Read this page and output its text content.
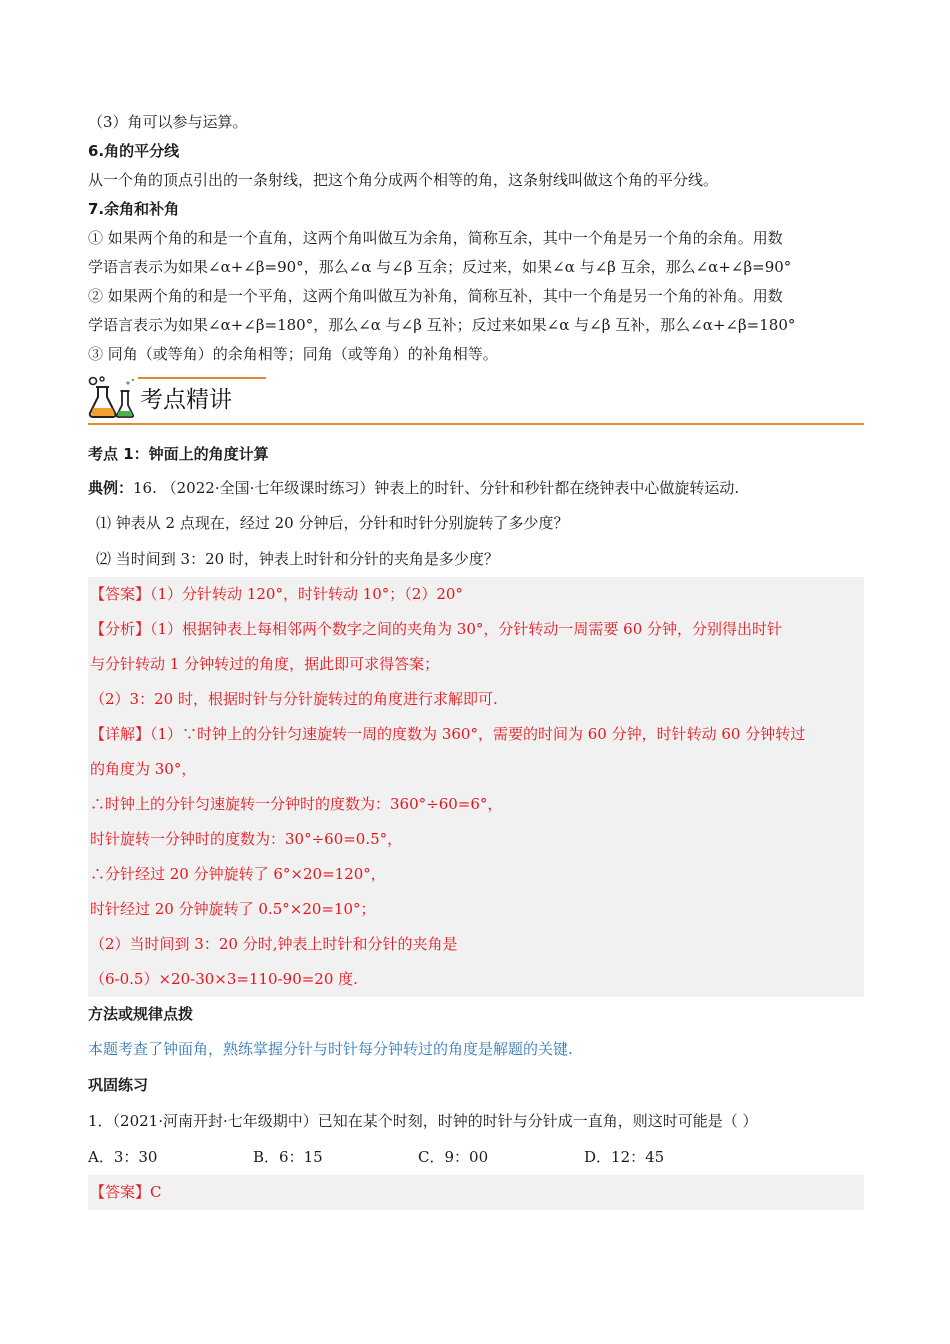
（3）角可以参与运算。
6.角的平分线
从一个角的顶点引出的一条射线，把这个角分成两个相等的角，这条射线叫做这个角的平分线。
7.余角和补角
① 如果两个角的和是一个直角，这两个角叫做互为余角，简称互余，其中一个角是另一个角的余角。用数
学语言表示为如果∠α+∠β=90°，那么∠α 与∠β 互余；反过来，如果∠α 与∠β 互余，那么∠α+∠β=90°
② 如果两个角的和是一个平角，这两个角叫做互为补角，简称互补，其中一个角是另一个角的补角。用数
学语言表示为如果∠α+∠β=180°，那么∠α 与∠β 互补；反过来如果∠α 与∠β 互补，那么∠α+∠β=180°
③ 同角（或等角）的余角相等；同角（或等角）的补角相等。
考点精讲
考点 1：钟面上的角度计算
典例：16. （2022·全国·七年级课时练习）钟表上的时针、分针和秒针都在绕钟表中心做旋转运动.
⑴ 钟表从 2 点现在，经过 20 分钟后，分针和时针分别旋转了多少度？
⑵ 当时间到 3：20 时，钟表上时针和分针的夹角是多少度？
【答案】（1）分针转动 120°，时针转动 10°；（2）20°
【分析】（1）根据钟表上每相邻两个数字之间的夹角为 30°，分针转动一周需要 60 分钟，分别得出时针
与分针转动 1 分钟转过的角度，据此即可求得答案；
（2）3：20 时，根据时针与分针旋转过的角度进行求解即可.
【详解】（1）∵时钟上的分针匀速旋转一周的度数为 360°，需要的时间为 60 分钟，时针转动 60 分钟转过
的角度为 30°，
∴时钟上的分针匀速旋转一分钟时的度数为：360°÷60=6°，
时针旋转一分钟时的度数为：30°÷60=0.5°，
∴分针经过 20 分钟旋转了 6°×20=120°，
时针经过 20 分钟旋转了 0.5°×20=10°；
（2）当时间到 3：20 分时,钟表上时针和分针的夹角是
（6-0.5）×20-30×3=110-90=20 度.
方法或规律点拨
本题考查了钟面角，熟练掌握分针与时针每分钟转过的角度是解题的关键.
巩固练习
1．（2021·河南开封·七年级期中）已知在某个时刻，时钟的时针与分针成一直角，则这时可能是（ ）
A．3：30	B．6：15	C．9：00	D．12：45
【答案】C
